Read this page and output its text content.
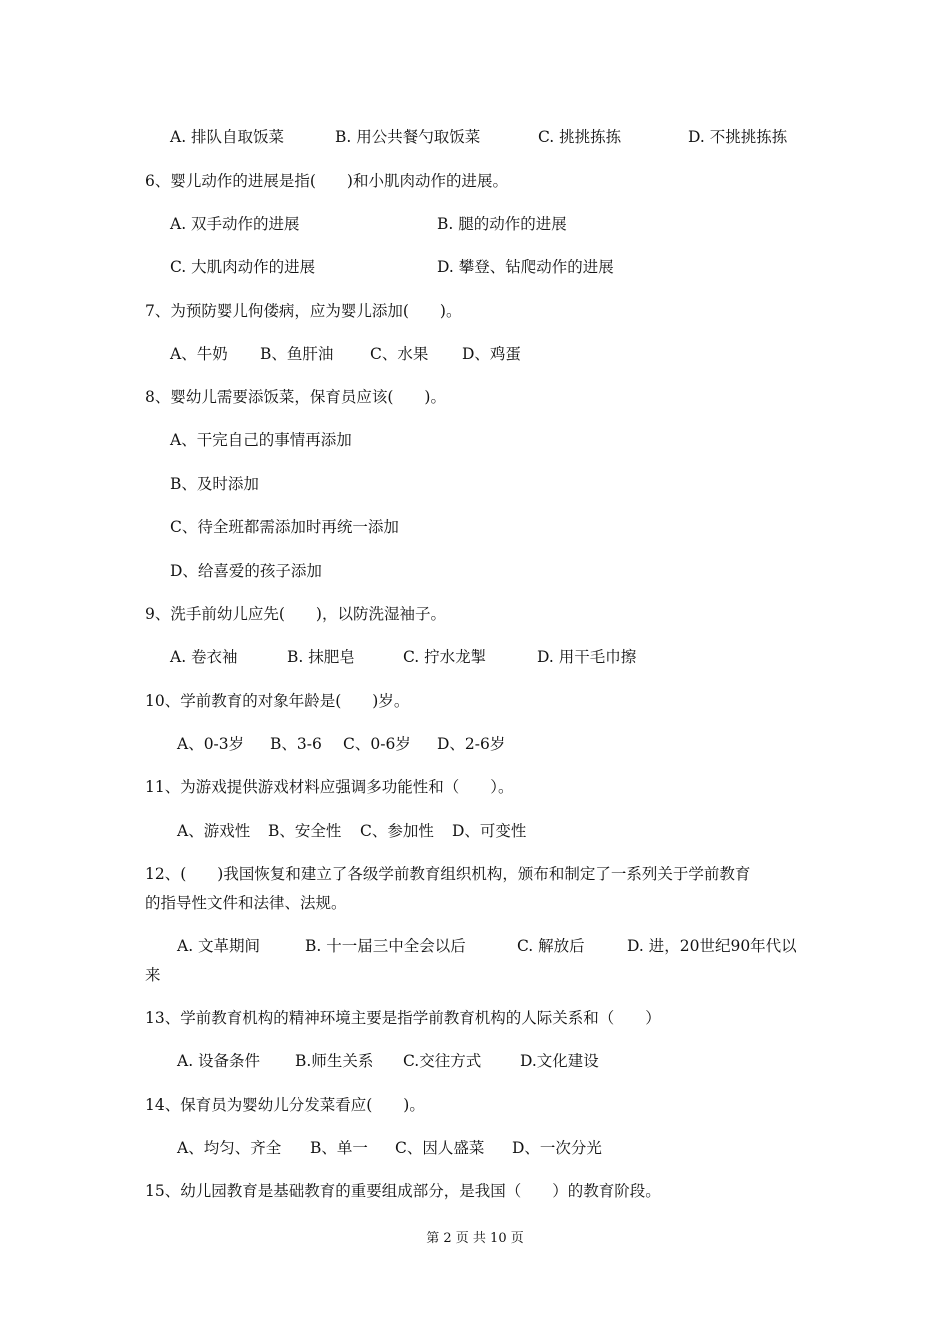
A. 排队自取饭菜	B. 用公共餐勺取饭菜	C. 挑挑拣拣	D. 不挑挑拣拣
6、婴儿动作的进展是指(　　)和小肌肉动作的进展。
A. 双手动作的进展	B. 腿的动作的进展
C. 大肌肉动作的进展	D. 攀登、钻爬动作的进展
7、为预防婴儿佝偻病，应为婴儿添加(　　)。
A、牛奶 B、鱼肝油 C、水果 D、鸡蛋
8、婴幼儿需要添饭菜，保育员应该(　　)。
A、干完自己的事情再添加
B、及时添加
C、待全班都需添加时再统一添加
D、给喜爱的孩子添加
9、洗手前幼儿应先(　　)，以防洗湿袖子。
A. 卷衣袖	B. 抹肥皂	C. 拧水龙掣	D. 用干毛巾擦
10、学前教育的对象年龄是(　　)岁。
A、0-3岁 B、3-6 C、0-6岁 D、2-6岁
11、为游戏提供游戏材料应强调多功能性和（　　）。
A、游戏性 B、安全性 C、参加性 D、可变性
12、(　　)我国恢复和建立了各级学前教育组织机构，颁布和制定了一系列关于学前教育
的指导性文件和法律、法规。
A. 文革期间	B. 十一届三中全会以后	C. 解放后	D. 进，20世纪90年代以
来
13、学前教育机构的精神环境主要是指学前教育机构的人际关系和（　　）
A. 设备条件 B.师生关系 C.交往方式	D.文化建设
14、保育员为婴幼儿分发菜看应(　　)。
A、均匀、齐全 B、单一 C、因人盛菜 D、一次分光
15、幼儿园教育是基础教育的重要组成部分，是我国（　　）的教育阶段。
第 2 页 共 10 页
